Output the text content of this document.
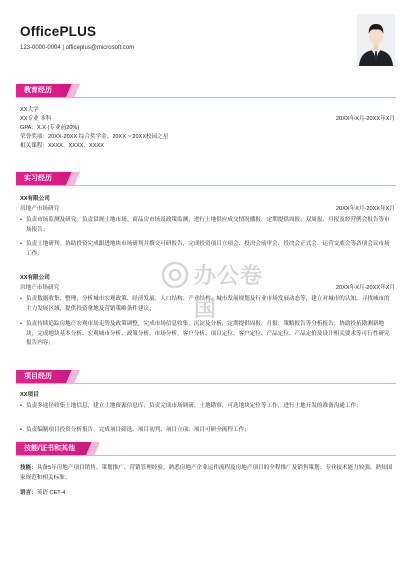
OfficePLUS
123-0000-0004 | officeplus@microsoft.com
教育经历
XX大学
XX专业 本科	20XX年X月-20XX年X月
GPA：X.X (专业前20%)
荣誉奖项：20XX-20XX 综合奖学金、20XX ~ 20XX校园之星
相关课程：XXXX、XXXX、XXXX
实习经历
XX有限公司
房地产市场研究	20XX年X月-20XX年X月
• 负责市场监测及研究。负责常规土地市场、商品房市场及政策监测，进行土地供应成交情况播报，定期提供周报、双周报、月报及经营例会报告等市场报告；
• 负责土地研判。协助投资完成跟进地块市场研判并撰交可研报告，完成投资项目立项会、投决会前审会、投决会正式会、运营交底会等各项会议市场工作；
XX有限公司
房地产市场研究	20XX年X月-20XX年X月
• 负责数据收集、整理，分析城市宏观政策、经济发展、人口结构、产业结构、城市发展规划及行业市场发展动态等，建立对城市的认知，寻找城市的主力发展区域，提供投资拿地及营销策略条件建议；
• 负责持续追踪房地产宏观市场走势及政策调整，完成市场信息收集、沉淀及分析，定期提供周报、月报、策略报告等分析报告；协助投拓勘测新地块，完成地块基本分析、宏观城市分析、政策分析、市场分析、客户分析、项目定位、客户定位、产品定位、产品定价及设计相关要求等可行性研究报告内容；
项目经历
XX项目
• 负责多途径收集土地信息，建立土地资源信息库；负责完成市场调研、土地勘察、可选地块定位等工作，进行土地开发的准备沟通工作；
• 负责编制项目投资分析报告。完成项目筛选、项目初判、项目立项、项目可研全流程工作；
技能/证书和其他
技能：具备5年房地产项目销售、策划推广、营销管理经验，熟悉房地产企业运作流程及房地产项目的全程推广及销售策划；专业技术能力较强，熟知国家规范和相关标准；
语言：英语 CET-4
办公卷国
